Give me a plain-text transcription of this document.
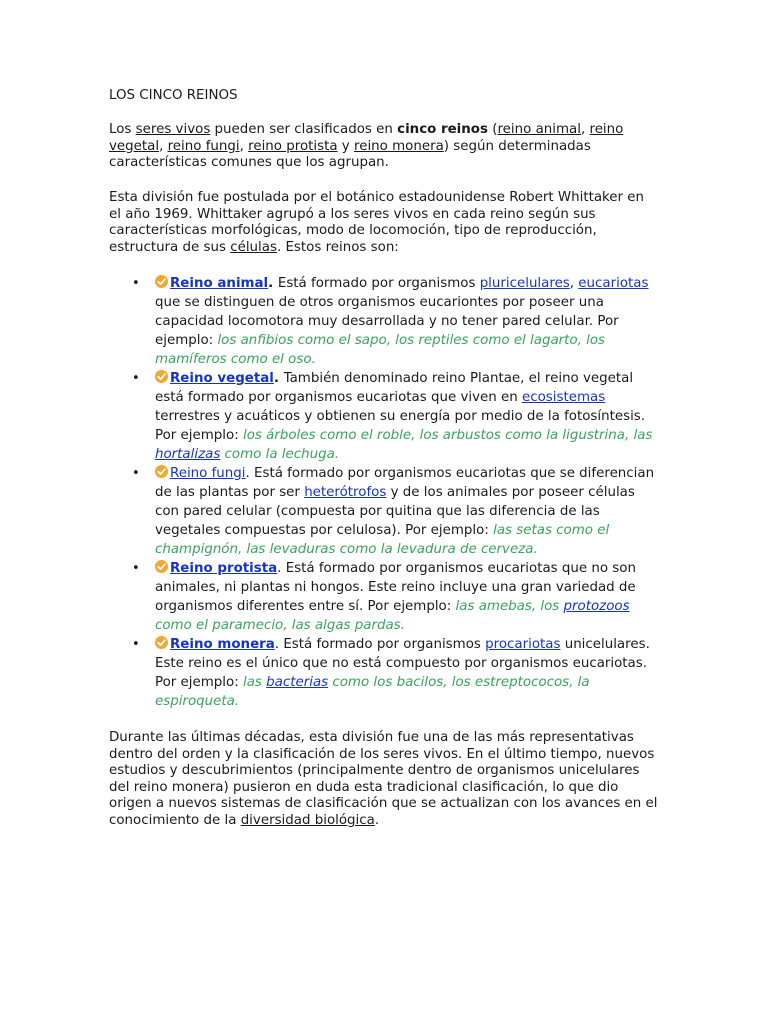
LOS CINCO REINOS
Los seres vivos pueden ser clasificados en cinco reinos (reino animal, reino vegetal, reino fungi, reino protista y reino monera) según determinadas características comunes que los agrupan.
Esta división fue postulada por el botánico estadounidense Robert Whittaker en el año 1969. Whittaker agrupó a los seres vivos en cada reino según sus características morfológicas, modo de locomoción, tipo de reproducción, estructura de sus células. Estos reinos son:
• Reino animal. Está formado por organismos pluricelulares, eucariotas que se distinguen de otros organismos eucariontes por poseer una capacidad locomotora muy desarrollada y no tener pared celular. Por ejemplo: los anfibios como el sapo, los reptiles como el lagarto, los mamíferos como el oso.
• Reino vegetal. También denominado reino Plantae, el reino vegetal está formado por organismos eucariotas que viven en ecosistemas terrestres y acuáticos y obtienen su energía por medio de la fotosíntesis. Por ejemplo: los árboles como el roble, los arbustos como la ligustrina, las hortalizas como la lechuga.
• Reino fungi. Está formado por organismos eucariotas que se diferencian de las plantas por ser heterótrofos y de los animales por poseer células con pared celular (compuesta por quitina que las diferencia de las vegetales compuestas por celulosa). Por ejemplo: las setas como el champignón, las levaduras como la levadura de cerveza.
• Reino protista. Está formado por organismos eucariotas que no son animales, ni plantas ni hongos. Este reino incluye una gran variedad de organismos diferentes entre sí. Por ejemplo: las amebas, los protozoos como el paramecio, las algas pardas.
• Reino monera. Está formado por organismos procariotas unicelulares. Este reino es el único que no está compuesto por organismos eucariotas. Por ejemplo: las bacterias como los bacilos, los estreptococos, la espiroqueta.
Durante las últimas décadas, esta división fue una de las más representativas dentro del orden y la clasificación de los seres vivos. En el último tiempo, nuevos estudios y descubrimientos (principalmente dentro de organismos unicelulares del reino monera) pusieron en duda esta tradicional clasificación, lo que dio origen a nuevos sistemas de clasificación que se actualizan con los avances en el conocimiento de la diversidad biológica.
